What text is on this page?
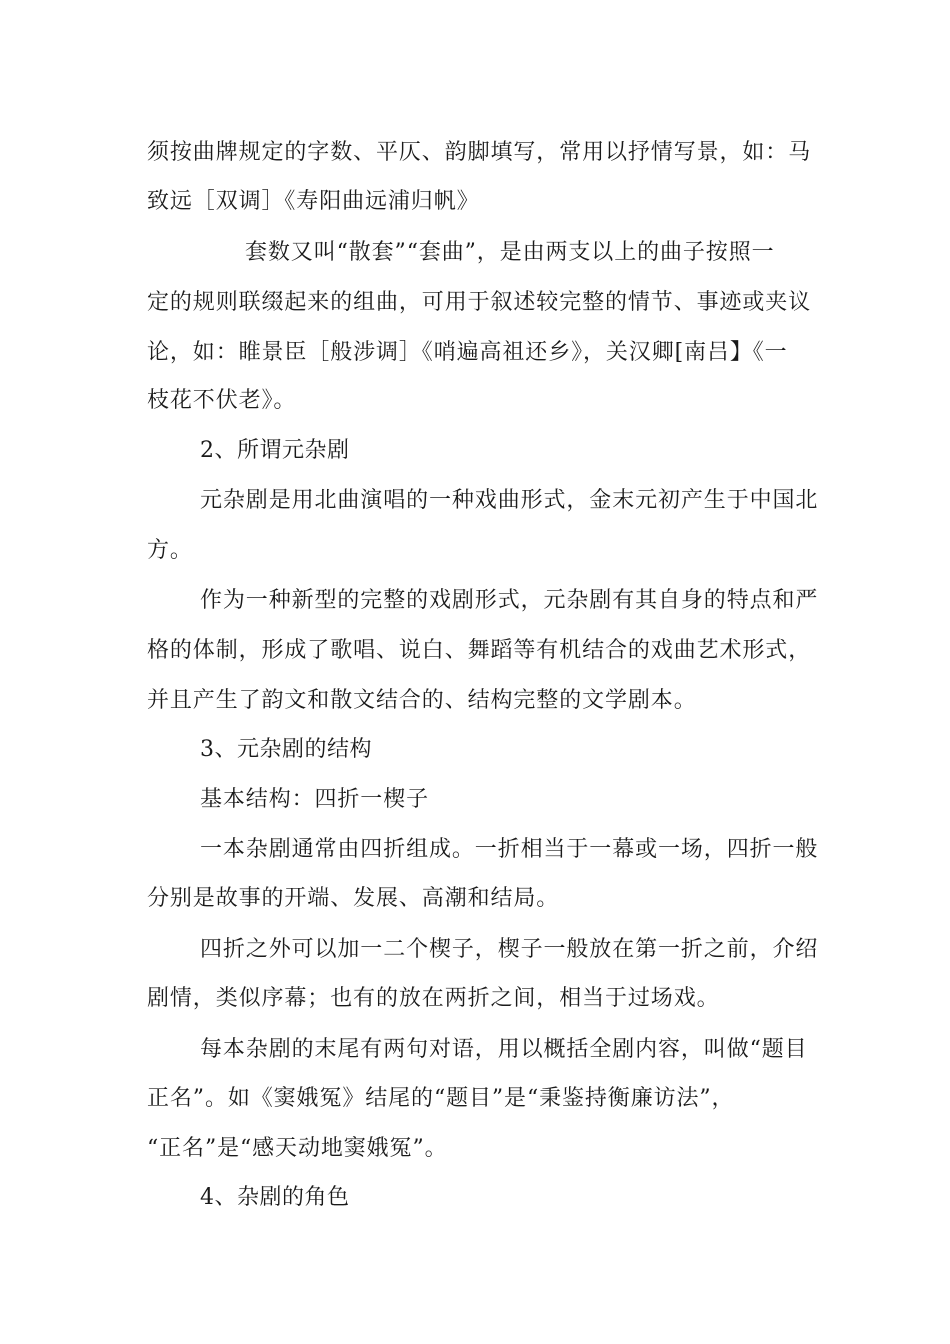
须按曲牌规定的字数、平仄、韵脚填写，常用以抒情写景，如：马
致远［双调］《寿阳曲远浦归帆》
套数又叫“散套”“套曲”，是由两支以上的曲子按照一
定的规则联缀起来的组曲，可用于叙述较完整的情节、事迹或夹议
论，如：睢景臣［般涉调］《哨遍高祖还乡》，关汉卿[南吕】《一
枝花不伏老》。
2、所谓元杂剧
元杂剧是用北曲演唱的一种戏曲形式，金末元初产生于中国北
方。
作为一种新型的完整的戏剧形式，元杂剧有其自身的特点和严
格的体制，形成了歌唱、说白、舞蹈等有机结合的戏曲艺术形式，
并且产生了韵文和散文结合的、结构完整的文学剧本。
3、元杂剧的结构
基本结构：四折一楔子
一本杂剧通常由四折组成。一折相当于一幕或一场，四折一般
分别是故事的开端、发展、高潮和结局。
四折之外可以加一二个楔子，楔子一般放在第一折之前，介绍
剧情，类似序幕；也有的放在两折之间，相当于过场戏。
每本杂剧的末尾有两句对语，用以概括全剧内容，叫做“题目
正名”。如《窦娥冤》结尾的“题目”是“秉鉴持衡廉访法”，
“正名”是“感天动地窦娥冤”。
4、杂剧的角色
